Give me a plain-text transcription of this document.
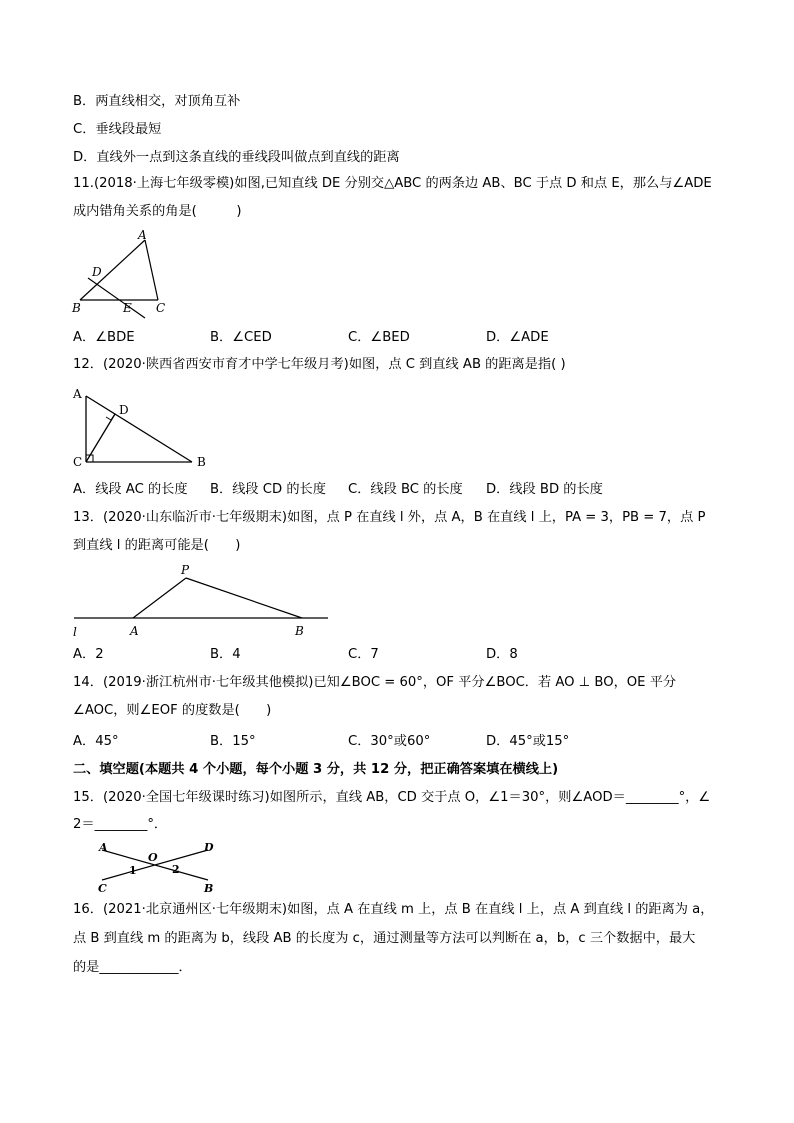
B．两直线相交，对顶角互补
C．垂线段最短
D．直线外一点到这条直线的垂线段叫做点到直线的距离
11.(2018·上海七年级零模)如图,已知直线 DE 分别交△ABC 的两条边 AB、BC 于点 D 和点 E，那么与∠ADE
成内错角关系的角是(　　　)
A
D
B	E C
A．∠BDE	B．∠CED	C．∠BED	D．∠ADE
12．(2020·陕西省西安市育才中学七年级月考)如图，点 C 到直线 AB 的距离是指( )
A
D
C	B
A．线段 AC 的长度 B．线段 CD 的长度 C．线段 BC 的长度 D．线段 BD 的长度
13．(2020·山东临沂市·七年级期末)如图，点 P 在直线 l 外，点 A，B 在直线 l 上，PA = 3，PB = 7，点 P
到直线 l 的距离可能是(　　)
P
l	A	B
A．2	B．4	C．7	D．8
14．(2019·浙江杭州市·七年级其他模拟)已知∠BOC = 60°，OF 平分∠BOC．若 AO ⊥ BO，OE 平分
∠AOC，则∠EOF 的度数是(　　)
A．45°	B．15°	C．30°或60°	D．45°或15°
二、填空题(本题共 4 个小题，每个小题 3 分，共 12 分，把正确答案填在横线上)
15．(2020·全国七年级课时练习)如图所示，直线 AB，CD 交于点 O，∠1＝30°，则∠AOD＝________°，∠
2＝________°．
A	D
O
1	2
C	B
16．(2021·北京通州区·七年级期末)如图，点 A 在直线 m 上，点 B 在直线 l 上，点 A 到直线 l 的距离为 a，
点 B 到直线 m 的距离为 b，线段 AB 的长度为 c，通过测量等方法可以判断在 a，b，c 三个数据中，最大
的是____________．
